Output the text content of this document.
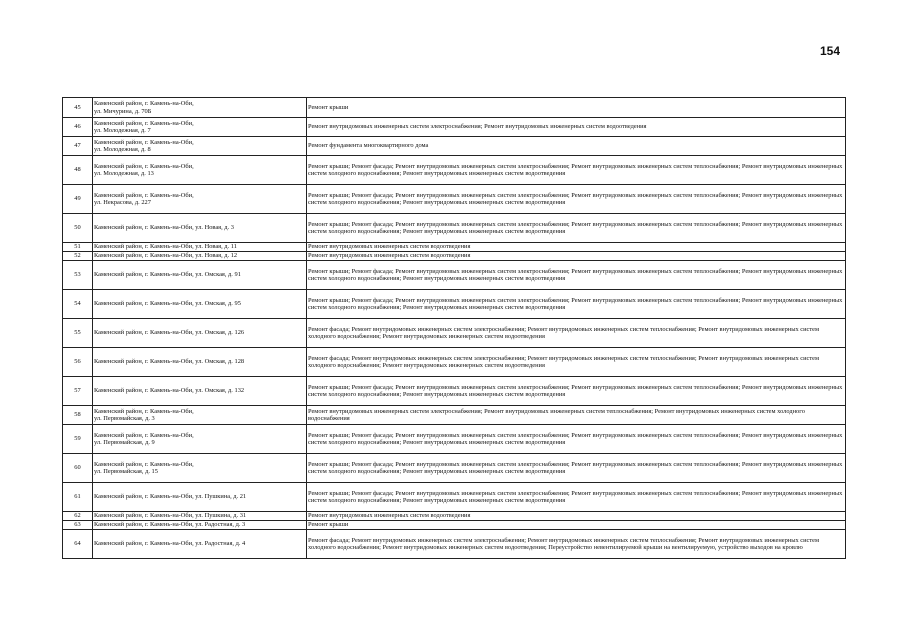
154
45	Каменский район, г. Камень-на-Оби,
ул. Мичурина, д. 70Б	Ремонт крыши
46	Каменский район, г. Камень-на-Оби,
ул. Молодежная, д. 7	Ремонт внутридомовых инженерных систем электроснабжения; Ремонт внутридомовых инженерных систем водоотведения
47	Каменский район, г. Камень-на-Оби,
ул. Молодежная, д. 8	Ремонт фундамента многоквартирного дома
48	Каменский район, г. Камень-на-Оби,
ул. Молодежная, д. 13	Ремонт крыши; Ремонт фасада; Ремонт внутридомовых инженерных систем электроснабжения; Ремонт внутридомовых инженерных систем теплоснабжения; Ремонт внутридомовых инженерных систем холодного водоснабжения; Ремонт внутридомовых инженерных систем водоотведения
49	Каменский район, г. Камень-на-Оби,
ул. Некрасова, д. 227	Ремонт крыши; Ремонт фасада; Ремонт внутридомовых инженерных систем электроснабжения; Ремонт внутридомовых инженерных систем теплоснабжения; Ремонт внутридомовых инженерных систем холодного водоснабжения; Ремонт внутридомовых инженерных систем водоотведения
50	Каменский район, г. Камень-на-Оби, ул. Новая, д. 3	Ремонт крыши; Ремонт фасада; Ремонт внутридомовых инженерных систем электроснабжения; Ремонт внутридомовых инженерных систем теплоснабжения; Ремонт внутридомовых инженерных систем холодного водоснабжения; Ремонт внутридомовых инженерных систем водоотведения
51	Каменский район, г. Камень-на-Оби, ул. Новая, д. 11	Ремонт внутридомовых инженерных систем водоотведения
52	Каменский район, г. Камень-на-Оби, ул. Новая, д. 12	Ремонт внутридомовых инженерных систем водоотведения
53	Каменский район, г. Камень-на-Оби, ул. Омская, д. 91	Ремонт крыши; Ремонт фасада; Ремонт внутридомовых инженерных систем электроснабжения; Ремонт внутридомовых инженерных систем теплоснабжения; Ремонт внутридомовых инженерных систем холодного водоснабжения; Ремонт внутридомовых инженерных систем водоотведения
54	Каменский район, г. Камень-на-Оби, ул. Омская, д. 95	Ремонт крыши; Ремонт фасада; Ремонт внутридомовых инженерных систем электроснабжения; Ремонт внутридомовых инженерных систем теплоснабжения; Ремонт внутридомовых инженерных систем холодного водоснабжения; Ремонт внутридомовых инженерных систем водоотведения
55	Каменский район, г. Камень-на-Оби, ул. Омская, д. 126	Ремонт фасада; Ремонт внутридомовых инженерных систем электроснабжения; Ремонт внутридомовых инженерных систем теплоснабжения; Ремонт внутридомовых инженерных систем холодного водоснабжения; Ремонт внутридомовых инженерных систем водоотведения
56	Каменский район, г. Камень-на-Оби, ул. Омская, д. 128	Ремонт фасада; Ремонт внутридомовых инженерных систем электроснабжения; Ремонт внутридомовых инженерных систем теплоснабжения; Ремонт внутридомовых инженерных систем холодного водоснабжения; Ремонт внутридомовых инженерных систем водоотведения
57	Каменский район, г. Камень-на-Оби, ул. Омская, д. 132	Ремонт крыши; Ремонт фасада; Ремонт внутридомовых инженерных систем электроснабжения; Ремонт внутридомовых инженерных систем теплоснабжения; Ремонт внутридомовых инженерных систем холодного водоснабжения; Ремонт внутридомовых инженерных систем водоотведения
58	Каменский район, г. Камень-на-Оби,
ул. Первомайская, д. 3	Ремонт внутридомовых инженерных систем электроснабжения; Ремонт внутридомовых инженерных систем теплоснабжения; Ремонт внутридомовых инженерных систем холодного водоснабжения
59	Каменский район, г. Камень-на-Оби,
ул. Первомайская, д. 9	Ремонт крыши; Ремонт фасада; Ремонт внутридомовых инженерных систем электроснабжения; Ремонт внутридомовых инженерных систем теплоснабжения; Ремонт внутридомовых инженерных систем холодного водоснабжения; Ремонт внутридомовых инженерных систем водоотведения
60	Каменский район, г. Камень-на-Оби,
ул. Первомайская, д. 15	Ремонт крыши; Ремонт фасада; Ремонт внутридомовых инженерных систем электроснабжения; Ремонт внутридомовых инженерных систем теплоснабжения; Ремонт внутридомовых инженерных систем холодного водоснабжения; Ремонт внутридомовых инженерных систем водоотведения
61	Каменский район, г. Камень-на-Оби, ул. Пушкина, д. 21	Ремонт крыши; Ремонт фасада; Ремонт внутридомовых инженерных систем электроснабжения; Ремонт внутридомовых инженерных систем теплоснабжения; Ремонт внутридомовых инженерных систем холодного водоснабжения; Ремонт внутридомовых инженерных систем водоотведения
62	Каменский район, г. Камень-на-Оби, ул. Пушкина, д. 31	Ремонт внутридомовых инженерных систем водоотведения
63	Каменский район, г. Камень-на-Оби, ул. Радостная, д. 3	Ремонт крыши
64	Каменский район, г. Камень-на-Оби, ул. Радостная, д. 4	Ремонт фасада; Ремонт внутридомовых инженерных систем электроснабжения; Ремонт внутридомовых инженерных систем теплоснабжения; Ремонт внутридомовых инженерных систем холодного водоснабжения; Ремонт внутридомовых инженерных систем водоотведения; Переустройство невентилируемой крыши на вентилируемую, устройство выходов на кровлю
